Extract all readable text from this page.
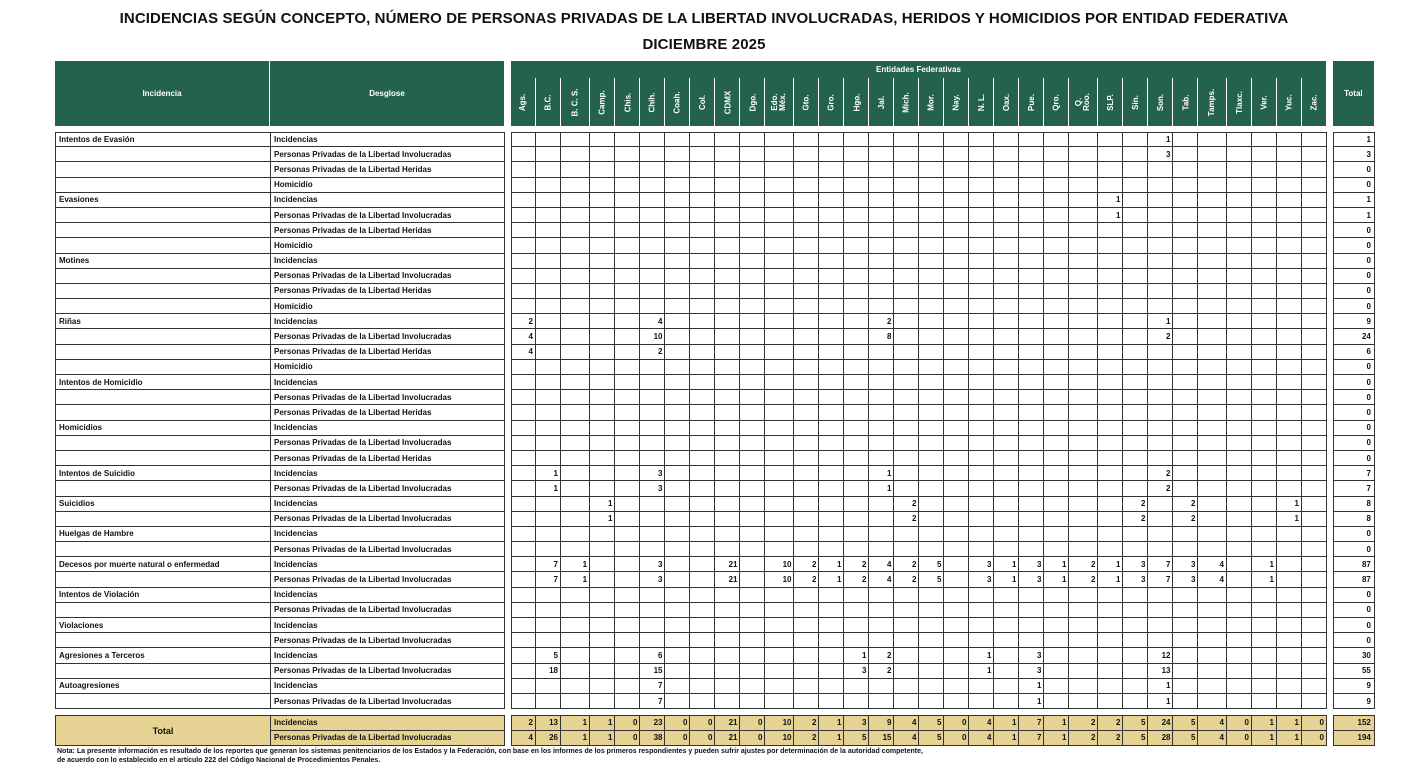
INCIDENCIAS SEGÚN CONCEPTO, NÚMERO DE PERSONAS PRIVADAS DE LA LIBERTAD INVOLUCRADAS, HERIDOS Y HOMICIDIOS POR ENTIDAD FEDERATIVA
DICIEMBRE 2025
Incidencia	Desglose		Entidades Federativas																																	Total
			Ags.	B.C.	B. C. S.	Camp.	Chis.	Chih.	Coah.	Col.	CDMX	Dgo.	Edo. Méx.	Gto.	Gro.	Hgo.	Jal.	Mich.	Mor.	Nay.	N. L.	Oax.	Pue.	Qro.	Q. Roo.	SLP.	Sin.	Son.	Tab.	Tamps.	Tlaxc.	Ver.	Yuc.	Zac.		

Intentos de Evasión	Incidencias																											1								1
	Personas Privadas de la Libertad Involucradas																											3								3
	Personas Privadas de la Libertad Heridas																																			0
	Homicidio																																			0
Evasiones	Incidencias																									1										1
	Personas Privadas de la Libertad Involucradas																									1										1
	Personas Privadas de la Libertad Heridas																																			0
	Homicidio																																			0
Motines	Incidencias																																			0
	Personas Privadas de la Libertad Involucradas																																			0
	Personas Privadas de la Libertad Heridas																																			0
	Homicidio																																			0
Riñas	Incidencias		2					4									2											1								9
	Personas Privadas de la Libertad Involucradas		4					10									8											2								24
	Personas Privadas de la Libertad Heridas		4					2																												6
	Homicidio																																			0
Intentos de Homicidio	Incidencias																																			0
	Personas Privadas de la Libertad Involucradas																																			0
	Personas Privadas de la Libertad Heridas																																			0
Homicidios	Incidencias																																			0
	Personas Privadas de la Libertad Involucradas																																			0
	Personas Privadas de la Libertad Heridas																																			0
Intentos de Suicidio	Incidencias			1				3									1											2								7
	Personas Privadas de la Libertad Involucradas			1				3									1											2								7
Suicidios	Incidencias					1												2									2		2				1			8
	Personas Privadas de la Libertad Involucradas					1												2									2		2				1			8
Huelgas de Hambre	Incidencias																																			0
	Personas Privadas de la Libertad Involucradas																																			0
Decesos por muerte natural o enfermedad	Incidencias			7	1			3			21		10	2	1	2	4	2	5		3	1	3	1	2	1	3	7	3	4		1				87
	Personas Privadas de la Libertad Involucradas			7	1			3			21		10	2	1	2	4	2	5		3	1	3	1	2	1	3	7	3	4		1				87
Intentos de Violación	Incidencias																																			0
	Personas Privadas de la Libertad Involucradas																																			0
Violaciones	Incidencias																																			0
	Personas Privadas de la Libertad Involucradas																																			0
Agresiones a Terceros	Incidencias			5				6								1	2				1		3					12								30
	Personas Privadas de la Libertad Involucradas			18				15								3	2				1		3					13								55
Autoagresiones	Incidencias							7															1					1								9
	Personas Privadas de la Libertad Involucradas							7															1					1								9

Total	Incidencias		2	13	1	1	0	23	0	0	21	0	10	2	1	3	9	4	5	0	4	1	7	1	2	2	5	24	5	4	0	1	1	0		152
	Personas Privadas de la Libertad Involucradas		4	26	1	1	0	38	0	0	21	0	10	2	1	5	15	4	5	0	4	1	7	1	2	2	5	28	5	4	0	1	1	0		194
Nota: La presente información es resultado de los reportes que generan los sistemas penitenciarios de los Estados y la Federación, con base en los informes de los primeros respondientes y pueden sufrir ajustes por determinación de la autoridad competente,
de acuerdo con lo establecido en el artículo 222 del Código Nacional de Procedimientos Penales.
